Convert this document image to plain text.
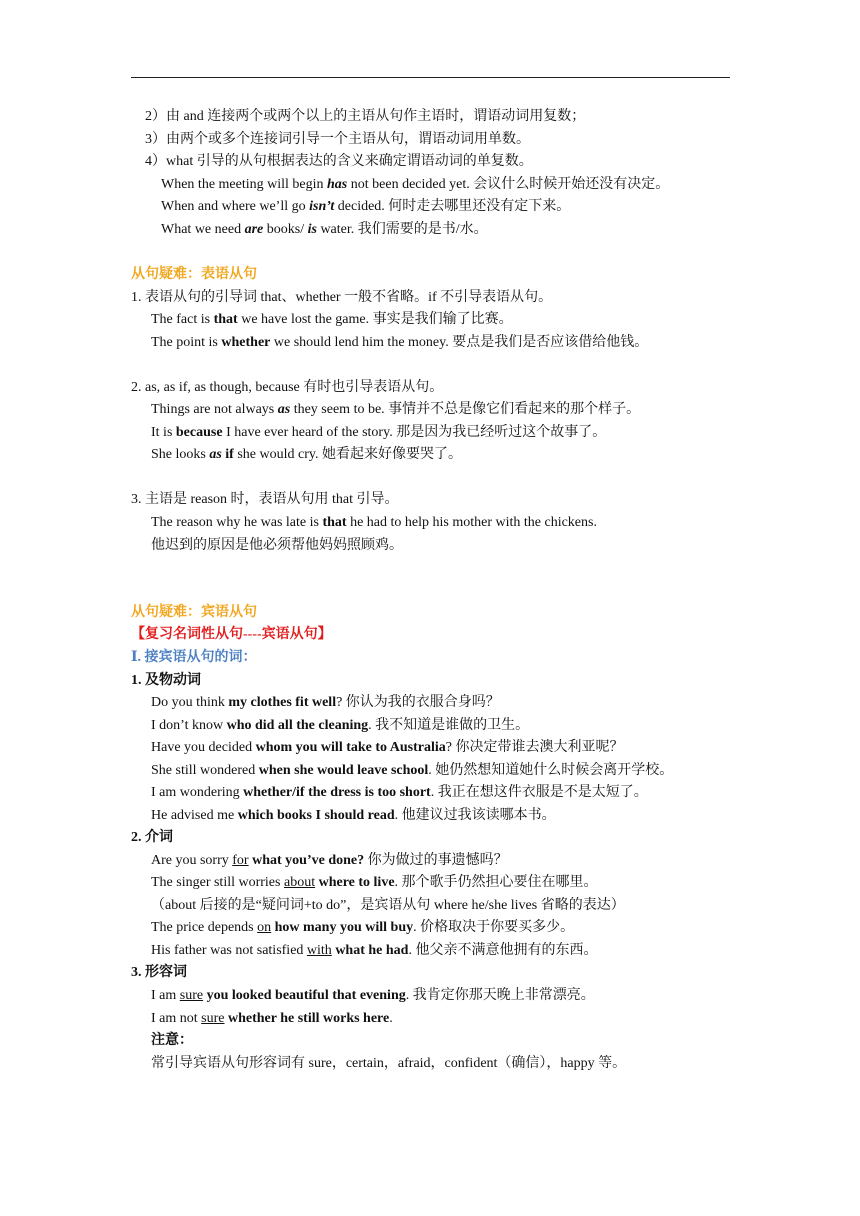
2）由 and 连接两个或两个以上的主语从句作主语时，谓语动词用复数；
3）由两个或多个连接词引导一个主语从句，谓语动词用单数。
4）what 引导的从句根据表达的含义来确定谓语动词的单复数。
When the meeting will begin has not been decided yet. 会议什么时候开始还没有决定。
When and where we’ll go isn’t decided. 何时走去哪里还没有定下来。
What we need are books/ is water. 我们需要的是书/水。
从句疑难：表语从句
1. 表语从句的引导词 that、whether 一般不省略。if 不引导表语从句。
The fact is that we have lost the game. 事实是我们输了比赛。
The point is whether we should lend him the money. 要点是我们是否应该借给他钱。
2. as, as if, as though, because 有时也引导表语从句。
Things are not always as they seem to be. 事情并不总是像它们看起来的那个样子。
It is because I have ever heard of the story. 那是因为我已经听过这个故事了。
She looks as if she would cry. 她看起来好像要哭了。
3. 主语是 reason 时，表语从句用 that 引导。
The reason why he was late is that he had to help his mother with the chickens.
他迟到的原因是他必须帮他妈妈照顾鸡。
从句疑难：宾语从句
【复习名词性从句----宾语从句】
Ⅰ. 接宾语从句的词：
1. 及物动词
Do you think my clothes fit well? 你认为我的衣服合身吗？
I don’t know who did all the cleaning. 我不知道是谁做的卫生。
Have you decided whom you will take to Australia? 你决定带谁去澳大利亚呢？
She still wondered when she would leave school. 她仍然想知道她什么时候会离开学校。
I am wondering whether/if the dress is too short. 我正在想这件衣服是不是太短了。
He advised me which books I should read. 他建议过我该读哪本书。
2. 介词
Are you sorry for what you’ve done? 你为做过的事遗憾吗？
The singer still worries about where to live. 那个歌手仍然担心要住在哪里。
（about 后接的是“疑问词+to do”，是宾语从句 where he/she lives 省略的表达）
The price depends on how many you will buy. 价格取决于你要买多少。
His father was not satisfied with what he had. 他父亲不满意他拥有的东西。
3. 形容词
I am sure you looked beautiful that evening. 我肯定你那天晚上非常漂亮。
I am not sure whether he still works here.
注意：
常引导宾语从句形容词有 sure，certain，afraid，confident（确信），happy 等。
